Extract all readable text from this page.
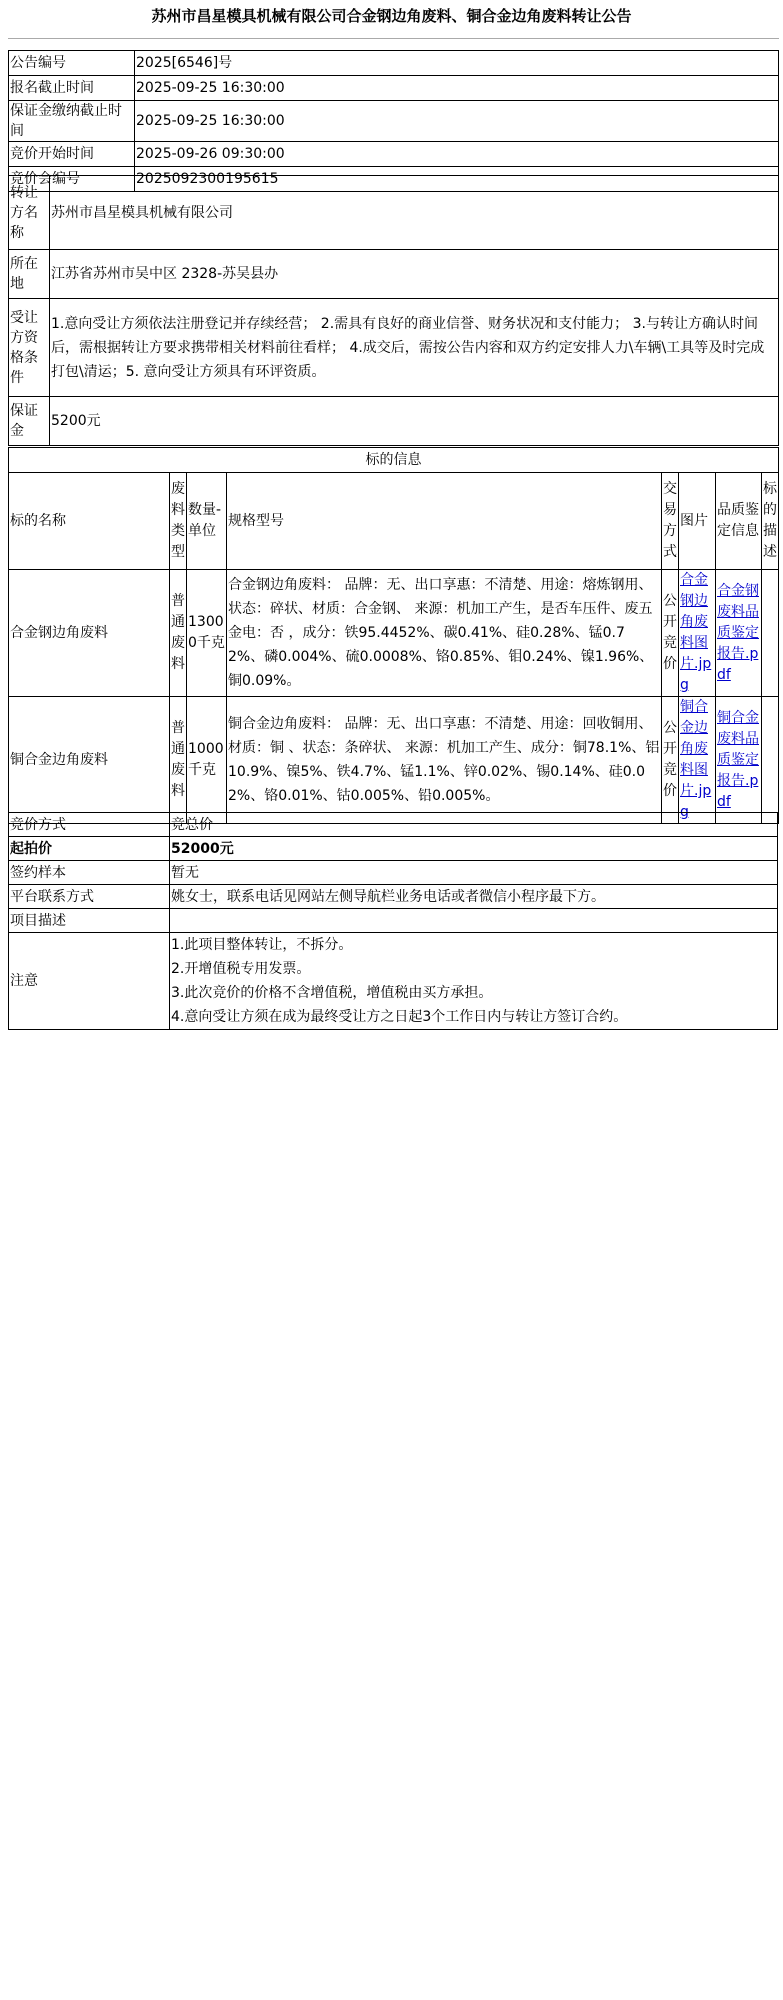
苏州市昌星模具机械有限公司合金钢边角废料、铜合金边角废料转让公告
公告编号	2025[6546]号
报名截止时间	2025-09-25 16:30:00
保证金缴纳截止时间	2025-09-25 16:30:00
竞价开始时间	2025-09-26 09:30:00
竞价会编号	2025092300195615
转让方名称	苏州市昌星模具机械有限公司
所在地	江苏省苏州市吴中区 2328-苏吴县办
受让方资格条件	1.意向受让方须依法注册登记并存续经营； 2.需具有良好的商业信誉、财务状况和支付能力； 3.与转让方确认时间后，需根据转让方要求携带相关材料前往看样； 4.成交后，需按公告内容和双方约定安排人力\车辆\工具等及时完成打包\清运；5. 意向受让方须具有环评资质。
保证金	5200元
标的信息							
标的名称	废料类型	数量-单位	规格型号	交易方式	图片	品质鉴定信息	标的描述
合金钢边角废料	普通废料	13000千克	合金钢边角废料： 品牌：无、出口享惠：不清楚、用途：熔炼钢用、状态：碎状、材质：合金钢、 来源：机加工产生，是否车压件、废五金电：否 ，成分：铁95.4452%、碳0.41%、硅0.28%、锰0.72%、磷0.004%、硫0.0008%、铬0.85%、钼0.24%、镍1.96%、铜0.09%。	公开竞价	合金钢边角废料图片.jpg	合金钢废料品质鉴定报告.pdf	
铜合金边角废料	普通废料	1000千克	铜合金边角废料： 品牌：无、出口享惠：不清楚、用途：回收铜用、材质：铜 、状态：条碎状、 来源：机加工产生、成分：铜78.1%、铝10.9%、镍5%、铁4.7%、锰1.1%、锌0.02%、锡0.14%、硅0.02%、铬0.01%、钴0.005%、铅0.005%。	公开竞价	铜合金边角废料图片.jpg	铜合金废料品质鉴定报告.pdf	
竞价方式	竞总价
起拍价	52000元
签约样本	暂无
平台联系方式	姚女士，联系电话见网站左侧导航栏业务电话或者微信小程序最下方。
项目描述	
注意	1.此项目整体转让，不拆分。
2.开增值税专用发票。
3.此次竞价的价格不含增值税，增值税由买方承担。
4.意向受让方须在成为最终受让方之日起3个工作日内与转让方签订合约。
